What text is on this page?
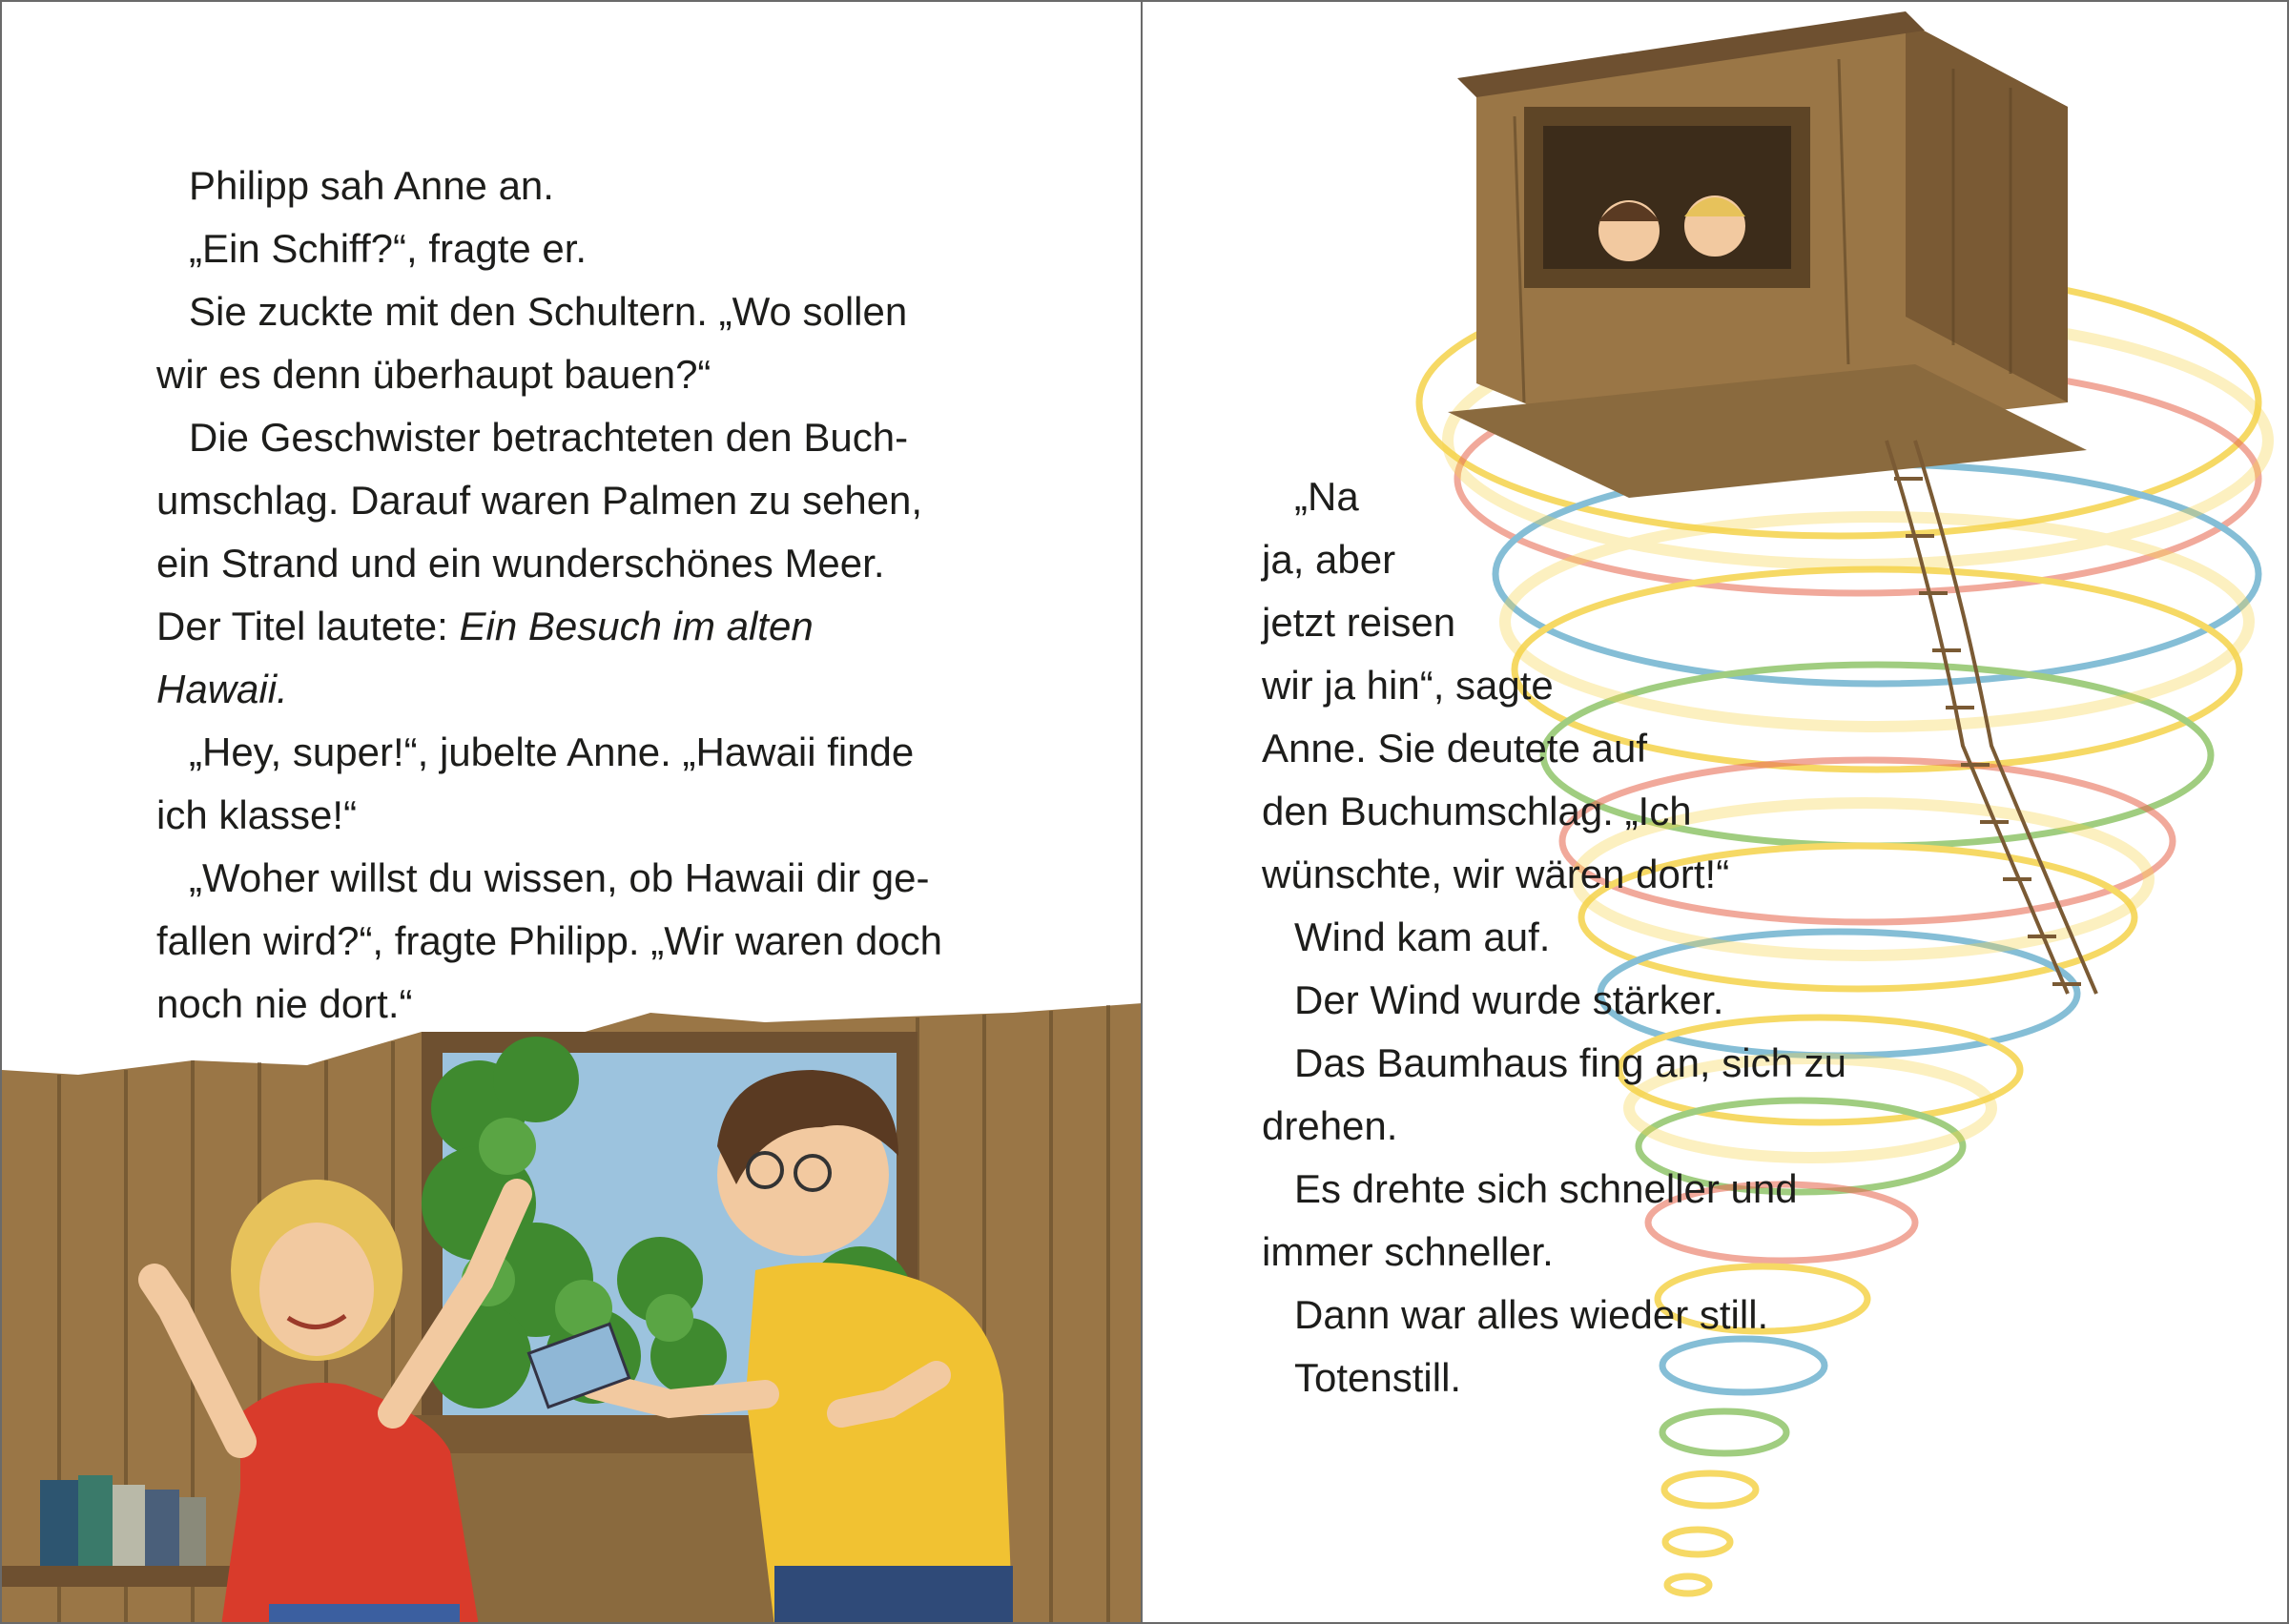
Philipp sah Anne an.

„Ein Schiff?“, fragte er.

Sie zuckte mit den Schultern. „Wo sollen

wir es denn überhaupt bauen?“

Die Geschwister betrachteten den Buch-

umschlag. Darauf waren Palmen zu sehen,

ein Strand und ein wunderschönes Meer.

Der Titel lautete: Ein Besuch im alten

Hawaii.

„Hey, super!“, jubelte Anne. „Hawaii finde

ich klasse!“

„Woher willst du wissen, ob Hawaii dir ge-

fallen wird?“, fragte Philipp. „Wir waren doch

noch nie dort.“

„Na

ja, aber

jetzt reisen

wir ja hin“, sagte

Anne. Sie deutete auf

den Buchumschlag. „Ich

wünschte, wir wären dort!“

Wind kam auf.

Der Wind wurde stärker.

Das Baumhaus fing an, sich zu

drehen.

Es drehte sich schneller und

immer schneller.

Dann war alles wieder still.

Totenstill.
